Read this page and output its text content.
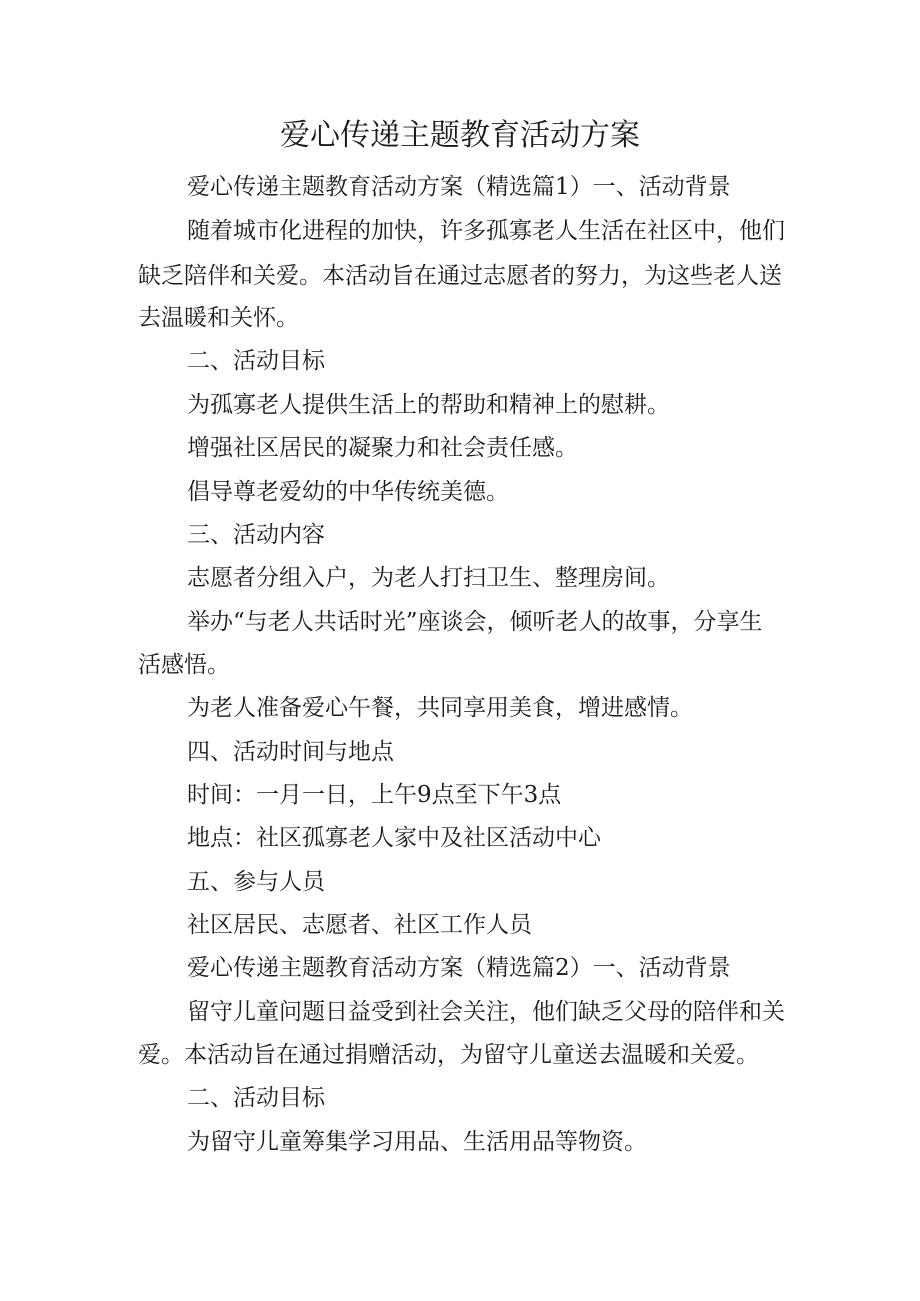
爱心传递主题教育活动方案

爱心传递主题教育活动方案（精选篇1）一、活动背景

随着城市化进程的加快，许多孤寡老人生活在社区中，他们

缺乏陪伴和关爱。本活动旨在通过志愿者的努力，为这些老人送

去温暖和关怀。

二、活动目标

为孤寡老人提供生活上的帮助和精神上的慰耕。

增强社区居民的凝聚力和社会责任感。

倡导尊老爱幼的中华传统美德。

三、活动内容

志愿者分组入户，为老人打扫卫生、整理房间。

举办“与老人共话时光”座谈会，倾听老人的故事，分享生

活感悟。

为老人准备爱心午餐，共同享用美食，增进感情。

四、活动时间与地点

时间：一月一日，上午9点至下午3点

地点：社区孤寡老人家中及社区活动中心

五、参与人员

社区居民、志愿者、社区工作人员

爱心传递主题教育活动方案（精选篇2）一、活动背景

留守儿童问题日益受到社会关注，他们缺乏父母的陪伴和关

爱。本活动旨在通过捐赠活动，为留守儿童送去温暖和关爱。

二、活动目标

为留守儿童筹集学习用品、生活用品等物资。
